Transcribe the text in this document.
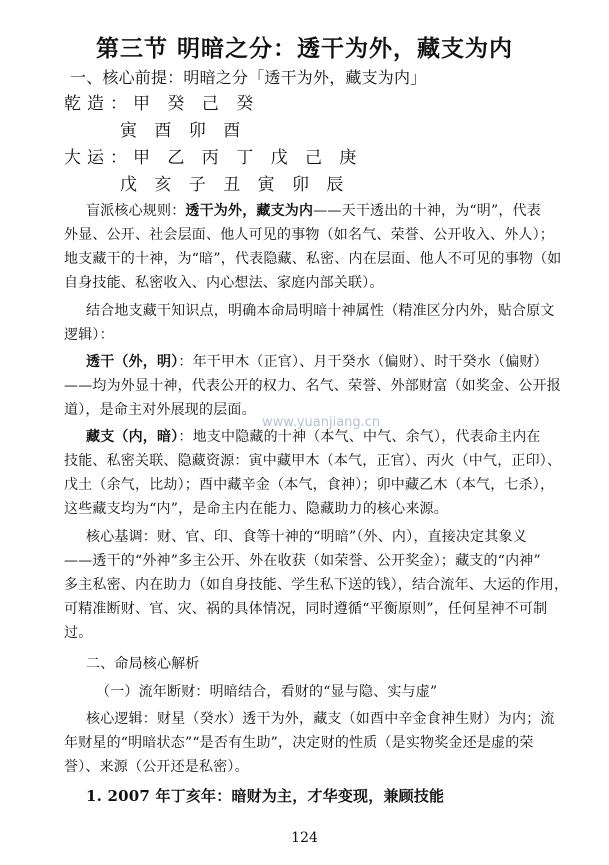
第三节 明暗之分：透干为外，藏支为内
一、核心前提：明暗之分「透干为外，藏支为内」
乾造：甲 癸 己 癸
寅 酉 卯 酉
大运：甲 乙 丙 丁 戊 己 庚
戊 亥 子 丑 寅 卯 辰
盲派核心规则：透干为外，藏支为内——天干透出的十神，为“明”，代表
外显、公开、社会层面、他人可见的事物（如名气、荣誉、公开收入、外人）；
地支藏干的十神，为“暗”，代表隐藏、私密、内在层面、他人不可见的事物（如
自身技能、私密收入、内心想法、家庭内部关联）。
结合地支藏干知识点，明确本命局明暗十神属性（精准区分内外，贴合原文
逻辑）：
透干（外，明）：年干甲木（正官）、月干癸水（偏财）、时干癸水（偏财）
——均为外显十神，代表公开的权力、名气、荣誉、外部财富（如奖金、公开报
道），是命主对外展现的层面。
藏支（内，暗）：地支中隐藏的十神（本气、中气、余气），代表命主内在
技能、私密关联、隐藏资源：寅中藏甲木（本气，正官）、丙火（中气，正印）、
戊土（余气，比劫）；酉中藏辛金（本气，食神）；卯中藏乙木（本气，七杀），
这些藏支均为“内”，是命主内在能力、隐藏助力的核心来源。
核心基调：财、官、印、食等十神的“明暗”（外、内），直接决定其象义
——透干的“外神”多主公开、外在收获（如荣誉、公开奖金）；藏支的“内神”
多主私密、内在助力（如自身技能、学生私下送的钱），结合流年、大运的作用，
可精准断财、官、灾、祸的具体情况，同时遵循“平衡原则”，任何星神不可制
过。
二、命局核心解析
（一）流年断财：明暗结合，看财的“显与隐、实与虚”
核心逻辑：财星（癸水）透干为外，藏支（如酉中辛金食神生财）为内；流
年财星的“明暗状态”“是否有生助”，决定财的性质（是实物奖金还是虚的荣
誉）、来源（公开还是私密）。
1. 2007 年丁亥年：暗财为主，才华变现，兼顾技能
www.yuanjiang.cn
124
